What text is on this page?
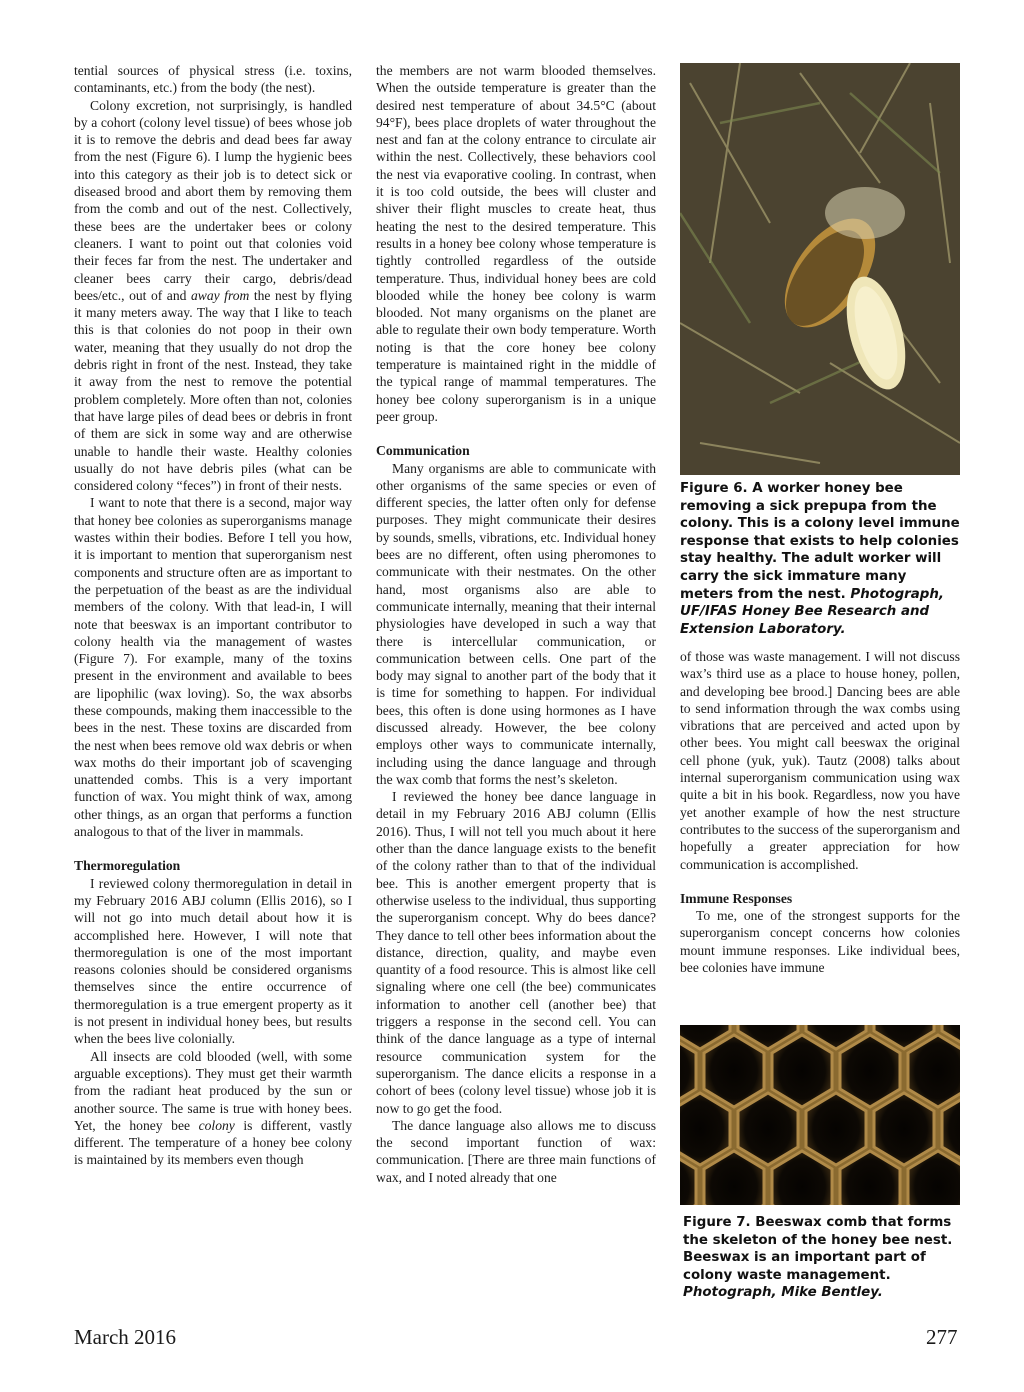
tential sources of physical stress (i.e. toxins, contaminants, etc.) from the body (the nest).

Colony excretion, not surprisingly, is handled by a cohort (colony level tissue) of bees whose job it is to remove the debris and dead bees far away from the nest (Figure 6). I lump the hygienic bees into this category as their job is to detect sick or diseased brood and abort them by removing them from the comb and out of the nest. Collectively, these bees are the undertaker bees or colony cleaners. I want to point out that colonies void their feces far from the nest. The undertaker and cleaner bees carry their cargo, debris/dead bees/etc., out of and away from the nest by flying it many meters away. The way that I like to teach this is that colonies do not poop in their own water, meaning that they usually do not drop the debris right in front of the nest. Instead, they take it away from the nest to remove the potential problem completely. More often than not, colonies that have large piles of dead bees or debris in front of them are sick in some way and are otherwise unable to handle their waste. Healthy colonies usually do not have debris piles (what can be considered colony “feces”) in front of their nests.

I want to note that there is a second, major way that honey bee colonies as superorganisms manage wastes within their bodies. Before I tell you how, it is important to mention that superorganism nest components and structure often are as important to the perpetuation of the beast as are the individual members of the colony. With that lead-in, I will note that beeswax is an important contributor to colony health via the management of wastes (Figure 7). For example, many of the toxins present in the environment and available to bees are lipophilic (wax loving). So, the wax absorbs these compounds, making them inaccessible to the bees in the nest. These toxins are discarded from the nest when bees remove old wax debris or when wax moths do their important job of scavenging unattended combs. This is a very important function of wax. You might think of wax, among other things, as an organ that performs a function analogous to that of the liver in mammals.

Thermoregulation

I reviewed colony thermoregulation in detail in my February 2016 ABJ column (Ellis 2016), so I will not go into much detail about how it is accomplished here. However, I will note that thermoregulation is one of the most important reasons colonies should be considered organisms themselves since the entire occurrence of thermoregulation is a true emergent property as it is not present in individual honey bees, but results when the bees live colonially.

All insects are cold blooded (well, with some arguable exceptions). They must get their warmth from the radiant heat produced by the sun or another source. The same is true with honey bees. Yet, the honey bee colony is different, vastly different. The temperature of a honey bee colony is maintained by its members even though

the members are not warm blooded themselves. When the outside temperature is greater than the desired nest temperature of about 34.5°C (about 94°F), bees place droplets of water throughout the nest and fan at the colony entrance to circulate air within the nest. Collectively, these behaviors cool the nest via evaporative cooling. In contrast, when it is too cold outside, the bees will cluster and shiver their flight muscles to create heat, thus heating the nest to the desired temperature. This results in a honey bee colony whose temperature is tightly controlled regardless of the outside temperature. Thus, individual honey bees are cold blooded while the honey bee colony is warm blooded. Not many organisms on the planet are able to regulate their own body temperature. Worth noting is that the core honey bee colony temperature is maintained right in the middle of the typical range of mammal temperatures. The honey bee colony superorganism is in a unique peer group.

Communication

Many organisms are able to communicate with other organisms of the same species or even of different species, the latter often only for defense purposes. They might communicate their desires by sounds, smells, vibrations, etc. Individual honey bees are no different, often using pheromones to communicate with their nestmates. On the other hand, most organisms also are able to communicate internally, meaning that their internal physiologies have developed in such a way that there is intercellular communication, or communication between cells. One part of the body may signal to another part of the body that it is time for something to happen. For individual bees, this often is done using hormones as I have discussed already. However, the bee colony employs other ways to communicate internally, including using the dance language and through the wax comb that forms the nest’s skeleton.

I reviewed the honey bee dance language in detail in my February 2016 ABJ column (Ellis 2016). Thus, I will not tell you much about it here other than the dance language exists to the benefit of the colony rather than to that of the individual bee. This is another emergent property that is otherwise useless to the individual, thus supporting the superorganism concept. Why do bees dance? They dance to tell other bees information about the distance, direction, quality, and maybe even quantity of a food resource. This is almost like cell signaling where one cell (the bee) communicates information to another cell (another bee) that triggers a response in the second cell. You can think of the dance language as a type of internal resource communication system for the superorganism. The dance elicits a response in a cohort of bees (colony level tissue) whose job it is now to go get the food.

The dance language also allows me to discuss the second important function of wax: communication. [There are three main functions of wax, and I noted already that one

Figure 6. A worker honey bee removing a sick prepupa from the colony. This is a colony level immune response that exists to help colonies stay healthy. The adult worker will carry the sick immature many meters from the nest. Photograph, UF/IFAS Honey Bee Research and Extension Laboratory.

of those was waste management. I will not discuss wax’s third use as a place to house honey, pollen, and developing bee brood.] Dancing bees are able to send information through the wax combs using vibrations that are perceived and acted upon by other bees. You might call beeswax the original cell phone (yuk, yuk). Tautz (2008) talks about internal superorganism communication using wax quite a bit in his book. Regardless, now you have yet another example of how the nest structure contributes to the success of the superorganism and hopefully a greater appreciation for how communication is accomplished.

Immune Responses

To me, one of the strongest supports for the superorganism concept concerns how colonies mount immune responses. Like individual bees, bee colonies have immune

Figure 7. Beeswax comb that forms the skeleton of the honey bee nest. Beeswax is an important part of colony waste management. Photograph, Mike Bentley.
March 2016	277
